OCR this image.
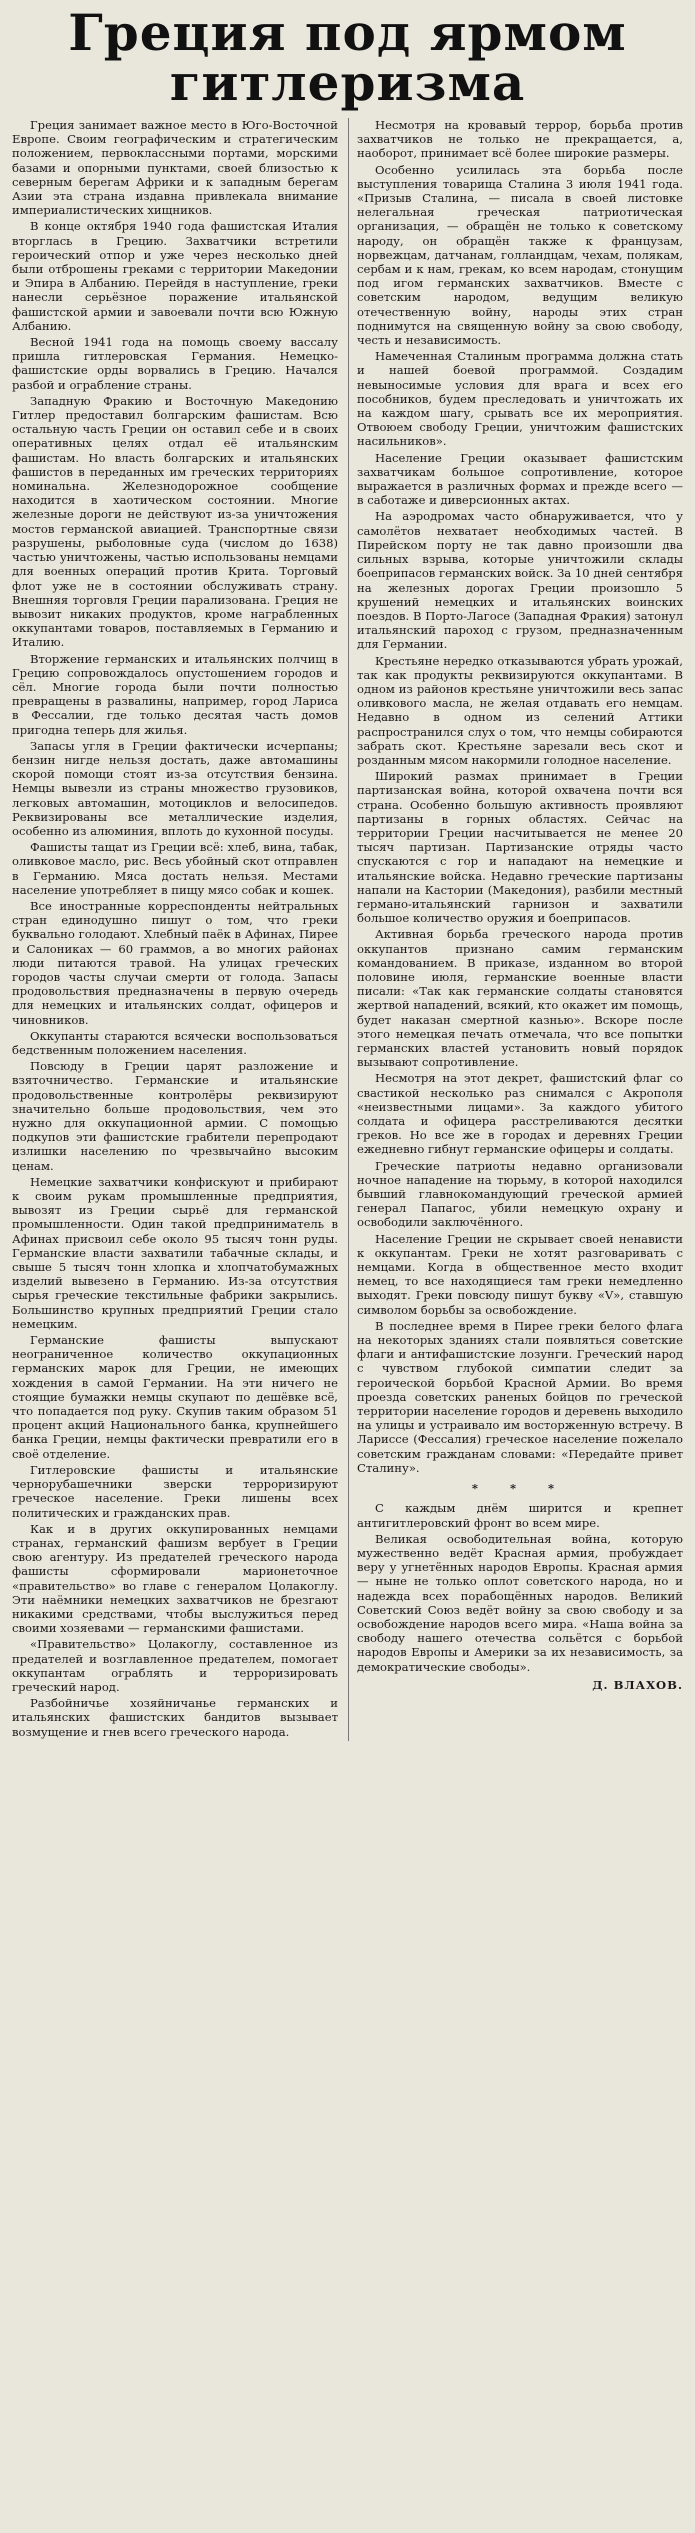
Греция под ярмом
гитлеризма

Греция занимает важное место в Юго-Восточной Европе. Своим географическим и стратегическим положением, первоклассными портами, морскими базами и опорными пунктами, своей близостью к северным берегам Африки и к западным берегам Азии эта страна издавна привлекала внимание империалистических хищников.

В конце октября 1940 года фашистская Италия вторглась в Грецию. Захватчики встретили героический отпор и уже через несколько дней были отброшены греками с территории Македонии и Эпира в Албанию. Перейдя в наступление, греки нанесли серьёзное поражение итальянской фашистской армии и завоевали почти всю Южную Албанию.

Весной 1941 года на помощь своему вассалу пришла гитлеровская Германия. Немецко-фашистские орды ворвались в Грецию. Начался разбой и ограбление страны.

Западную Фракию и Восточную Македонию Гитлер предоставил болгарским фашистам. Всю остальную часть Греции он оставил себе и в своих оперативных целях отдал её итальянским фашистам. Но власть болгарских и итальянских фашистов в переданных им греческих территориях номинальна. Железнодорожное сообщение находится в хаотическом состоянии. Многие железные дороги не действуют из-за уничтожения мостов германской авиацией. Транспортные связи разрушены, рыболовные суда (числом до 1638) частью уничтожены, частью использованы немцами для военных операций против Крита. Торговый флот уже не в состоянии обслуживать страну. Внешняя торговля Греции парализована. Греция не вывозит никаких продуктов, кроме награбленных оккупантами товаров, поставляемых в Германию и Италию.

Вторжение германских и итальянских полчищ в Грецию сопровождалось опустошением городов и сёл. Многие города были почти полностью превращены в развалины, например, город Лариса в Фессалии, где только десятая часть домов пригодна теперь для жилья.

Запасы угля в Греции фактически исчерпаны; бензин нигде нельзя достать, даже автомашины скорой помощи стоят из-за отсутствия бензина. Немцы вывезли из страны множество грузовиков, легковых автомашин, мотоциклов и велосипедов. Реквизированы все металлические изделия, особенно из алюминия, вплоть до кухонной посуды.

Фашисты тащат из Греции всё: хлеб, вина, табак, оливковое масло, рис. Весь убойный скот отправлен в Германию. Мяса достать нельзя. Местами население употребляет в пищу мясо собак и кошек.

Все иностранные корреспонденты нейтральных стран единодушно пишут о том, что греки буквально голодают. Хлебный паёк в Афинах, Пирее и Салониках — 60 граммов, а во многих районах люди питаются травой. На улицах греческих городов часты случаи смерти от голода. Запасы продовольствия предназначены в первую очередь для немецких и итальянских солдат, офицеров и чиновников.

Оккупанты стараются всячески воспользоваться бедственным положением населения.

Повсюду в Греции царят разложение и взяточничество. Германские и итальянские продовольственные контролёры реквизируют значительно больше продовольствия, чем это нужно для оккупационной армии. С помощью подкупов эти фашистские грабители перепродают излишки населению по чрезвычайно высоким ценам.

Немецкие захватчики конфискуют и прибирают к своим рукам промышленные предприятия, вывозят из Греции сырьё для германской промышленности. Один такой предприниматель в Афинах присвоил себе около 95 тысяч тонн руды. Германские власти захватили табачные склады, и свыше 5 тысяч тонн хлопка и хлопчатобумажных изделий вывезено в Германию. Из-за отсутствия сырья греческие текстильные фабрики закрылись. Большинство крупных предприятий Греции стало немецким.

Германские фашисты выпускают неограниченное количество оккупационных германских марок для Греции, не имеющих хождения в самой Германии. На эти ничего не стоящие бумажки немцы скупают по дешёвке всё, что попадается под руку. Скупив таким образом 51 процент акций Национального банка, крупнейшего банка Греции, немцы фактически превратили его в своё отделение.

Гитлеровские фашисты и итальянские чернорубашечники зверски терроризируют греческое население. Греки лишены всех политических и гражданских прав.

Как и в других оккупированных немцами странах, германский фашизм вербует в Греции свою агентуру. Из предателей греческого народа фашисты сформировали марионеточное «правительство» во главе с генералом Цолакоглу. Эти наёмники немецких захватчиков не брезгают никакими средствами, чтобы выслужиться перед своими хозяевами — германскими фашистами.

«Правительство» Цолакоглу, составленное из предателей и возглавленное предателем, помогает оккупантам ограблять и терроризировать греческий народ.

Разбойничье хозяйничанье германских и итальянских фашистских бандитов вызывает возмущение и гнев всего греческого народа.

Несмотря на кровавый террор, борьба против захватчиков не только не прекращается, а, наоборот, принимает всё более широкие размеры.

Особенно усилилась эта борьба после выступления товарища Сталина 3 июля 1941 года. «Призыв Сталина, — писала в своей листовке нелегальная греческая патриотическая организация, — обращён не только к советскому народу, он обращён также к французам, норвежцам, датчанам, голландцам, чехам, полякам, сербам и к нам, грекам, ко всем народам, стонущим под игом германских захватчиков. Вместе с советским народом, ведущим великую отечественную войну, народы этих стран поднимутся на священную войну за свою свободу, честь и независимость.

Намеченная Сталиным программа должна стать и нашей боевой программой. Создадим невыносимые условия для врага и всех его пособников, будем преследовать и уничтожать их на каждом шагу, срывать все их мероприятия. Отвоюем свободу Греции, уничтожим фашистских насильников».

Население Греции оказывает фашистским захватчикам большое сопротивление, которое выражается в различных формах и прежде всего — в саботаже и диверсионных актах.

На аэродромах часто обнаруживается, что у самолётов нехватает необходимых частей. В Пирейском порту не так давно произошли два сильных взрыва, которые уничтожили склады боеприпасов германских войск. За 10 дней сентября на железных дорогах Греции произошло 5 крушений немецких и итальянских воинских поездов. В Порто-Лагосе (Западная Фракия) затонул итальянский пароход с грузом, предназначенным для Германии.

Крестьяне нередко отказываются убрать урожай, так как продукты реквизируются оккупантами. В одном из районов крестьяне уничтожили весь запас оливкового масла, не желая отдавать его немцам. Недавно в одном из селений Аттики распространился слух о том, что немцы собираются забрать скот. Крестьяне зарезали весь скот и розданным мясом накормили голодное население.

Широкий размах принимает в Греции партизанская война, которой охвачена почти вся страна. Особенно большую активность проявляют партизаны в горных областях. Сейчас на территории Греции насчитывается не менее 20 тысяч партизан. Партизанские отряды часто спускаются с гор и нападают на немецкие и итальянские войска. Недавно греческие партизаны напали на Кастории (Македония), разбили местный германо-итальянский гарнизон и захватили большое количество оружия и боеприпасов.

Активная борьба греческого народа против оккупантов признано самим германским командованием. В приказе, изданном во второй половине июля, германские военные власти писали: «Так как германские солдаты становятся жертвой нападений, всякий, кто окажет им помощь, будет наказан смертной казнью». Вскоре после этого немецкая печать отмечала, что все попытки германских властей установить новый порядок вызывают сопротивление.

Несмотря на этот декрет, фашистский флаг со свастикой несколько раз снимался с Акрополя «неизвестными лицами». За каждого убитого солдата и офицера расстреливаются десятки греков. Но все же в городах и деревнях Греции ежедневно гибнут германские офицеры и солдаты.

Греческие патриоты недавно организовали ночное нападение на тюрьму, в которой находился бывший главнокомандующий греческой армией генерал Папагос, убили немецкую охрану и освободили заключённого.

Население Греции не скрывает своей ненависти к оккупантам. Греки не хотят разговаривать с немцами. Когда в общественное место входит немец, то все находящиеся там греки немедленно выходят. Греки повсюду пишут букву «V», ставшую символом борьбы за освобождение.

В последнее время в Пирее греки белого флага на некоторых зданиях стали появляться советские флаги и антифашистские лозунги. Греческий народ с чувством глубокой симпатии следит за героической борьбой Красной Армии. Во время проезда советских раненых бойцов по греческой территории население городов и деревень выходило на улицы и устраивало им восторженную встречу. В Лариссе (Фессалия) греческое население пожелало советским гражданам словами: «Передайте привет Сталину».

* * *

С каждым днём ширится и крепнет антигитлеровский фронт во всем мире.

Великая освободительная война, которую мужественно ведёт Красная армия, пробуждает веру у угнетённых народов Европы. Красная армия — ныне не только оплот советского народа, но и надежда всех порабощённых народов. Великий Советский Союз ведёт войну за свою свободу и за освобождение народов всего мира. «Наша война за свободу нашего отечества сольётся с борьбой народов Европы и Америки за их независимость, за демократические свободы».

Д. ВЛАХОВ.
